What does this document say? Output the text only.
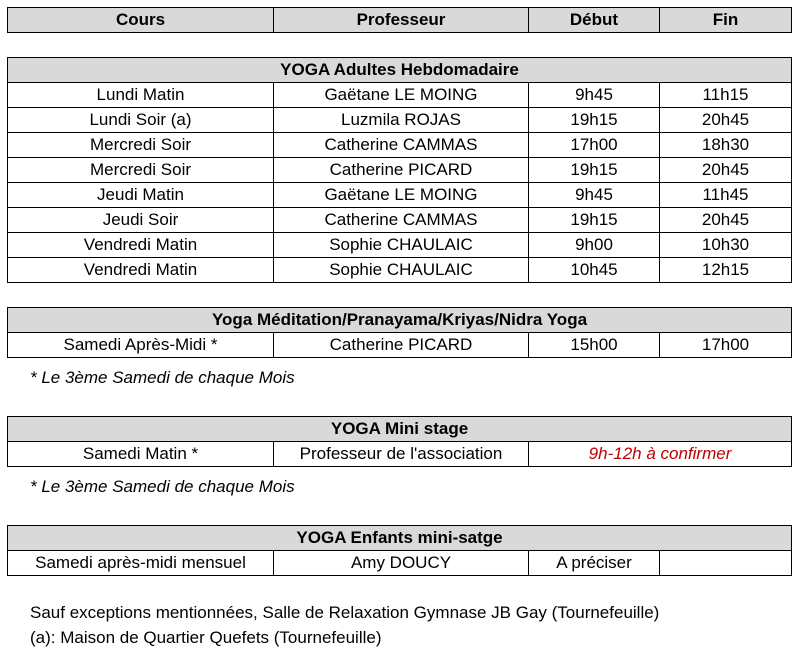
Cours	Professeur	Début	Fin
YOGA Adultes Hebdomadaire			
Lundi Matin	Gaëtane LE MOING	9h45	11h15
Lundi Soir (a)	Luzmila ROJAS	19h15	20h45
Mercredi Soir	Catherine CAMMAS	17h00	18h30
Mercredi Soir	Catherine PICARD	19h15	20h45
Jeudi Matin	Gaëtane LE MOING	9h45	11h45
Jeudi Soir	Catherine CAMMAS	19h15	20h45
Vendredi Matin	Sophie CHAULAIC	9h00	10h30
Vendredi Matin	Sophie CHAULAIC	10h45	12h15
Yoga Méditation/Pranayama/Kriyas/Nidra Yoga
Samedi Après-Midi *	Catherine PICARD	15h00	17h00
* Le 3ème Samedi de chaque Mois
YOGA Mini stage
Samedi Matin *	Professeur de l'association	9h-12h à confirmer
* Le 3ème Samedi de chaque Mois
YOGA Enfants mini-satge
Samedi après-midi mensuel	Amy DOUCY	A préciser	
Sauf exceptions mentionnées, Salle de Relaxation Gymnase JB Gay (Tournefeuille)
(a): Maison de Quartier Quefets (Tournefeuille)
